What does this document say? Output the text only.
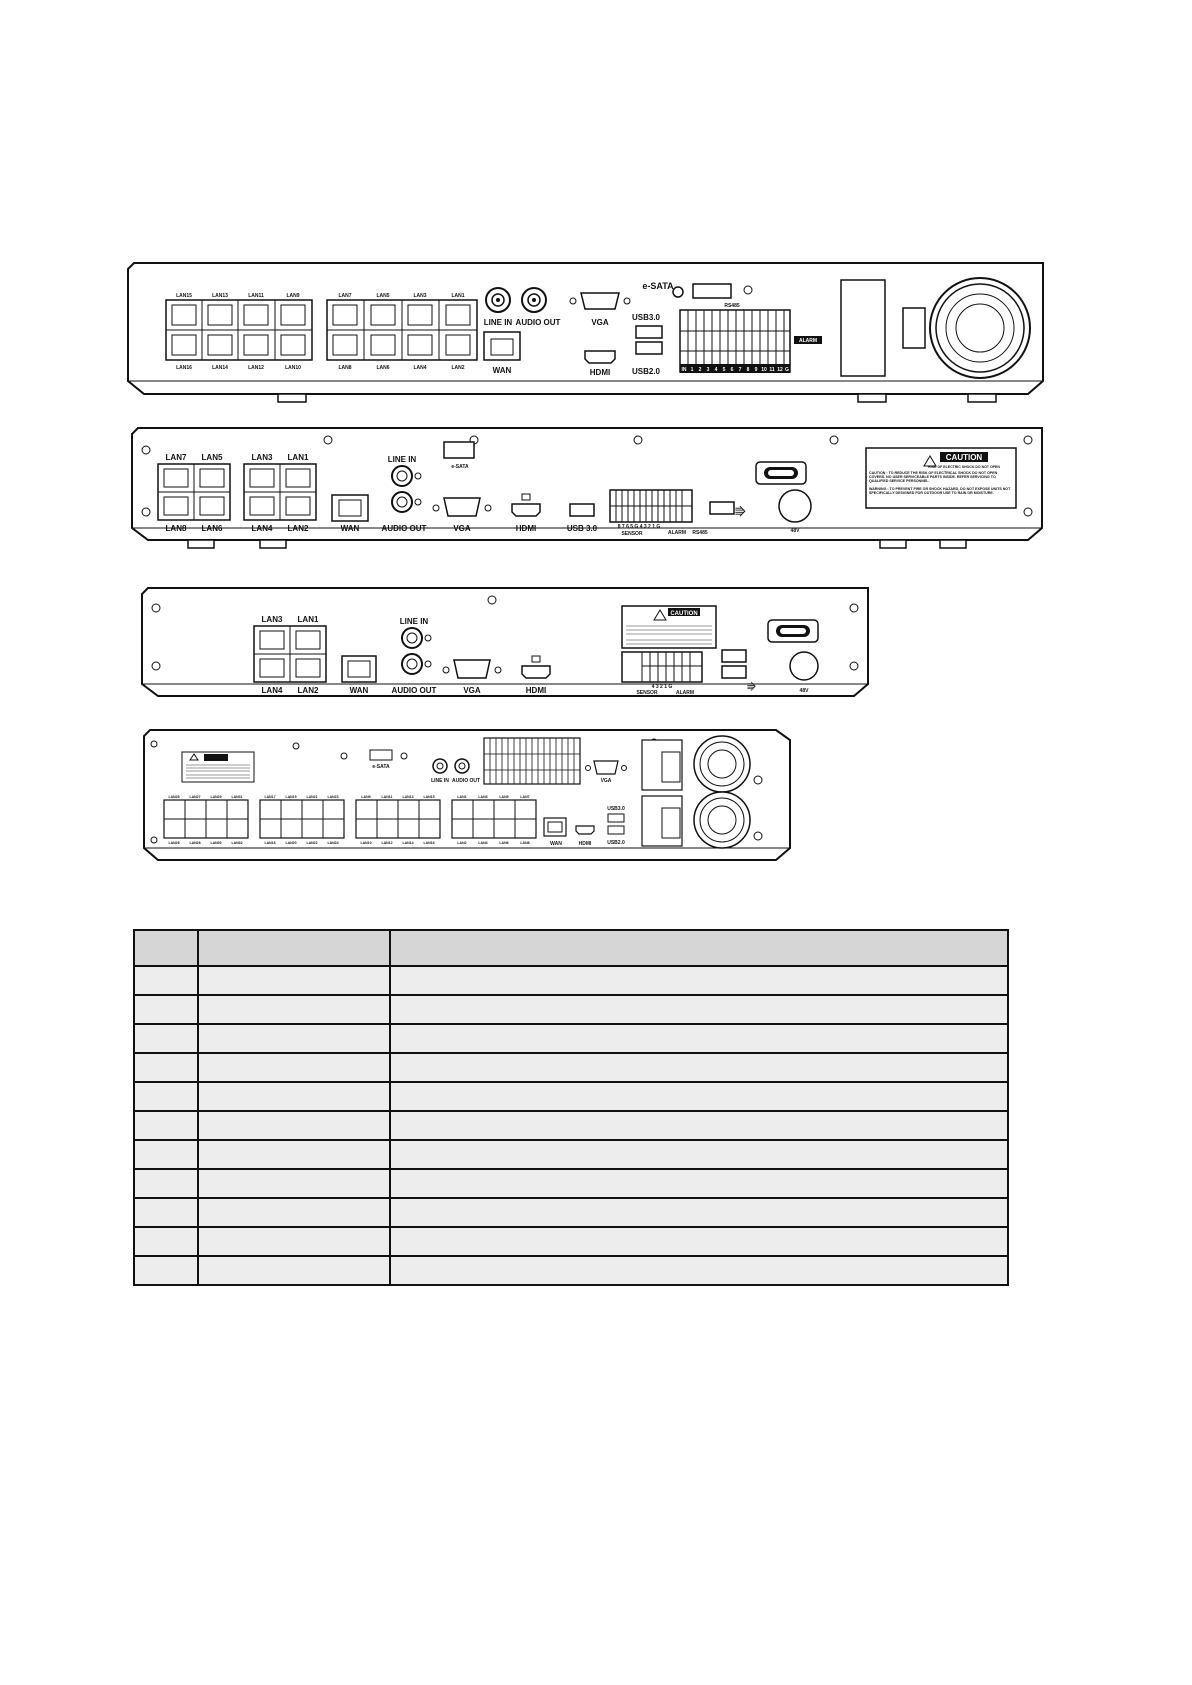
LAN15	LAN13	LAN11	LAN9	LAN7	LAN5	LAN3	LAN1
LAN16	LAN14	LAN12	LAN10	LAN8	LAN6	LAN4	LAN2
LINE IN AUDIO OUT
WAN
VGA
HDMI
e-SATA
USB3.0
USB2.0
RS485
IN 1 2 3 4 5 6 7 8 9 10 11 12 G
ALARM
LAN7 LAN5	LAN3 LAN1
LAN8 LAN6	LAN4 LAN2	WAN
LINE IN
AUDIO OUT
e-SATA
VGA	HDMI	USB 3.0	8 7 6 5 G 4 3 2 1 G
SENSOR	ALARM RS485
⭆
48V
CAUTION
RISK OF ELECTRIC SHOCK DO NOT OPEN
CAUTION : TO REDUCE THE RISK OF ELECTRICAL SHOCK DO NOT OPEN COVERS. NO USER SERVICEABLE PARTS INSIDE. REFER SERVICING TO QUALIFIED SERVICE PERSONNEL.
WARNING : TO PREVENT FIRE OR SHOCK HAZARD, DO NOT EXPOSE UNITS NOT SPECIFICALLY DESIGNED FOR OUTDOOR USE TO RAIN OR MOISTURE.
LAN3 LAN1
LAN4 LAN2	WAN
LINE IN
AUDIO OUT	VGA	HDMI
CAUTION
4 3 2 1 G
SENSOR	ALARM	⭆	48V
e-SATA
LINE IN AUDIO OUT	VGA
LAN25	LAN27	LAN29	LAN31	LAN17	LAN19	LAN21	LAN23	LAN9	LAN11	LAN13	LAN15	LAN1	LAN3	LAN5	LAN7
LAN26	LAN28	LAN30	LAN32	LAN18	LAN20	LAN22	LAN24	LAN10	LAN12	LAN14	LAN16	LAN2	LAN4	LAN6	LAN8	WAN	HDMI
USB3.0
USB2.0
